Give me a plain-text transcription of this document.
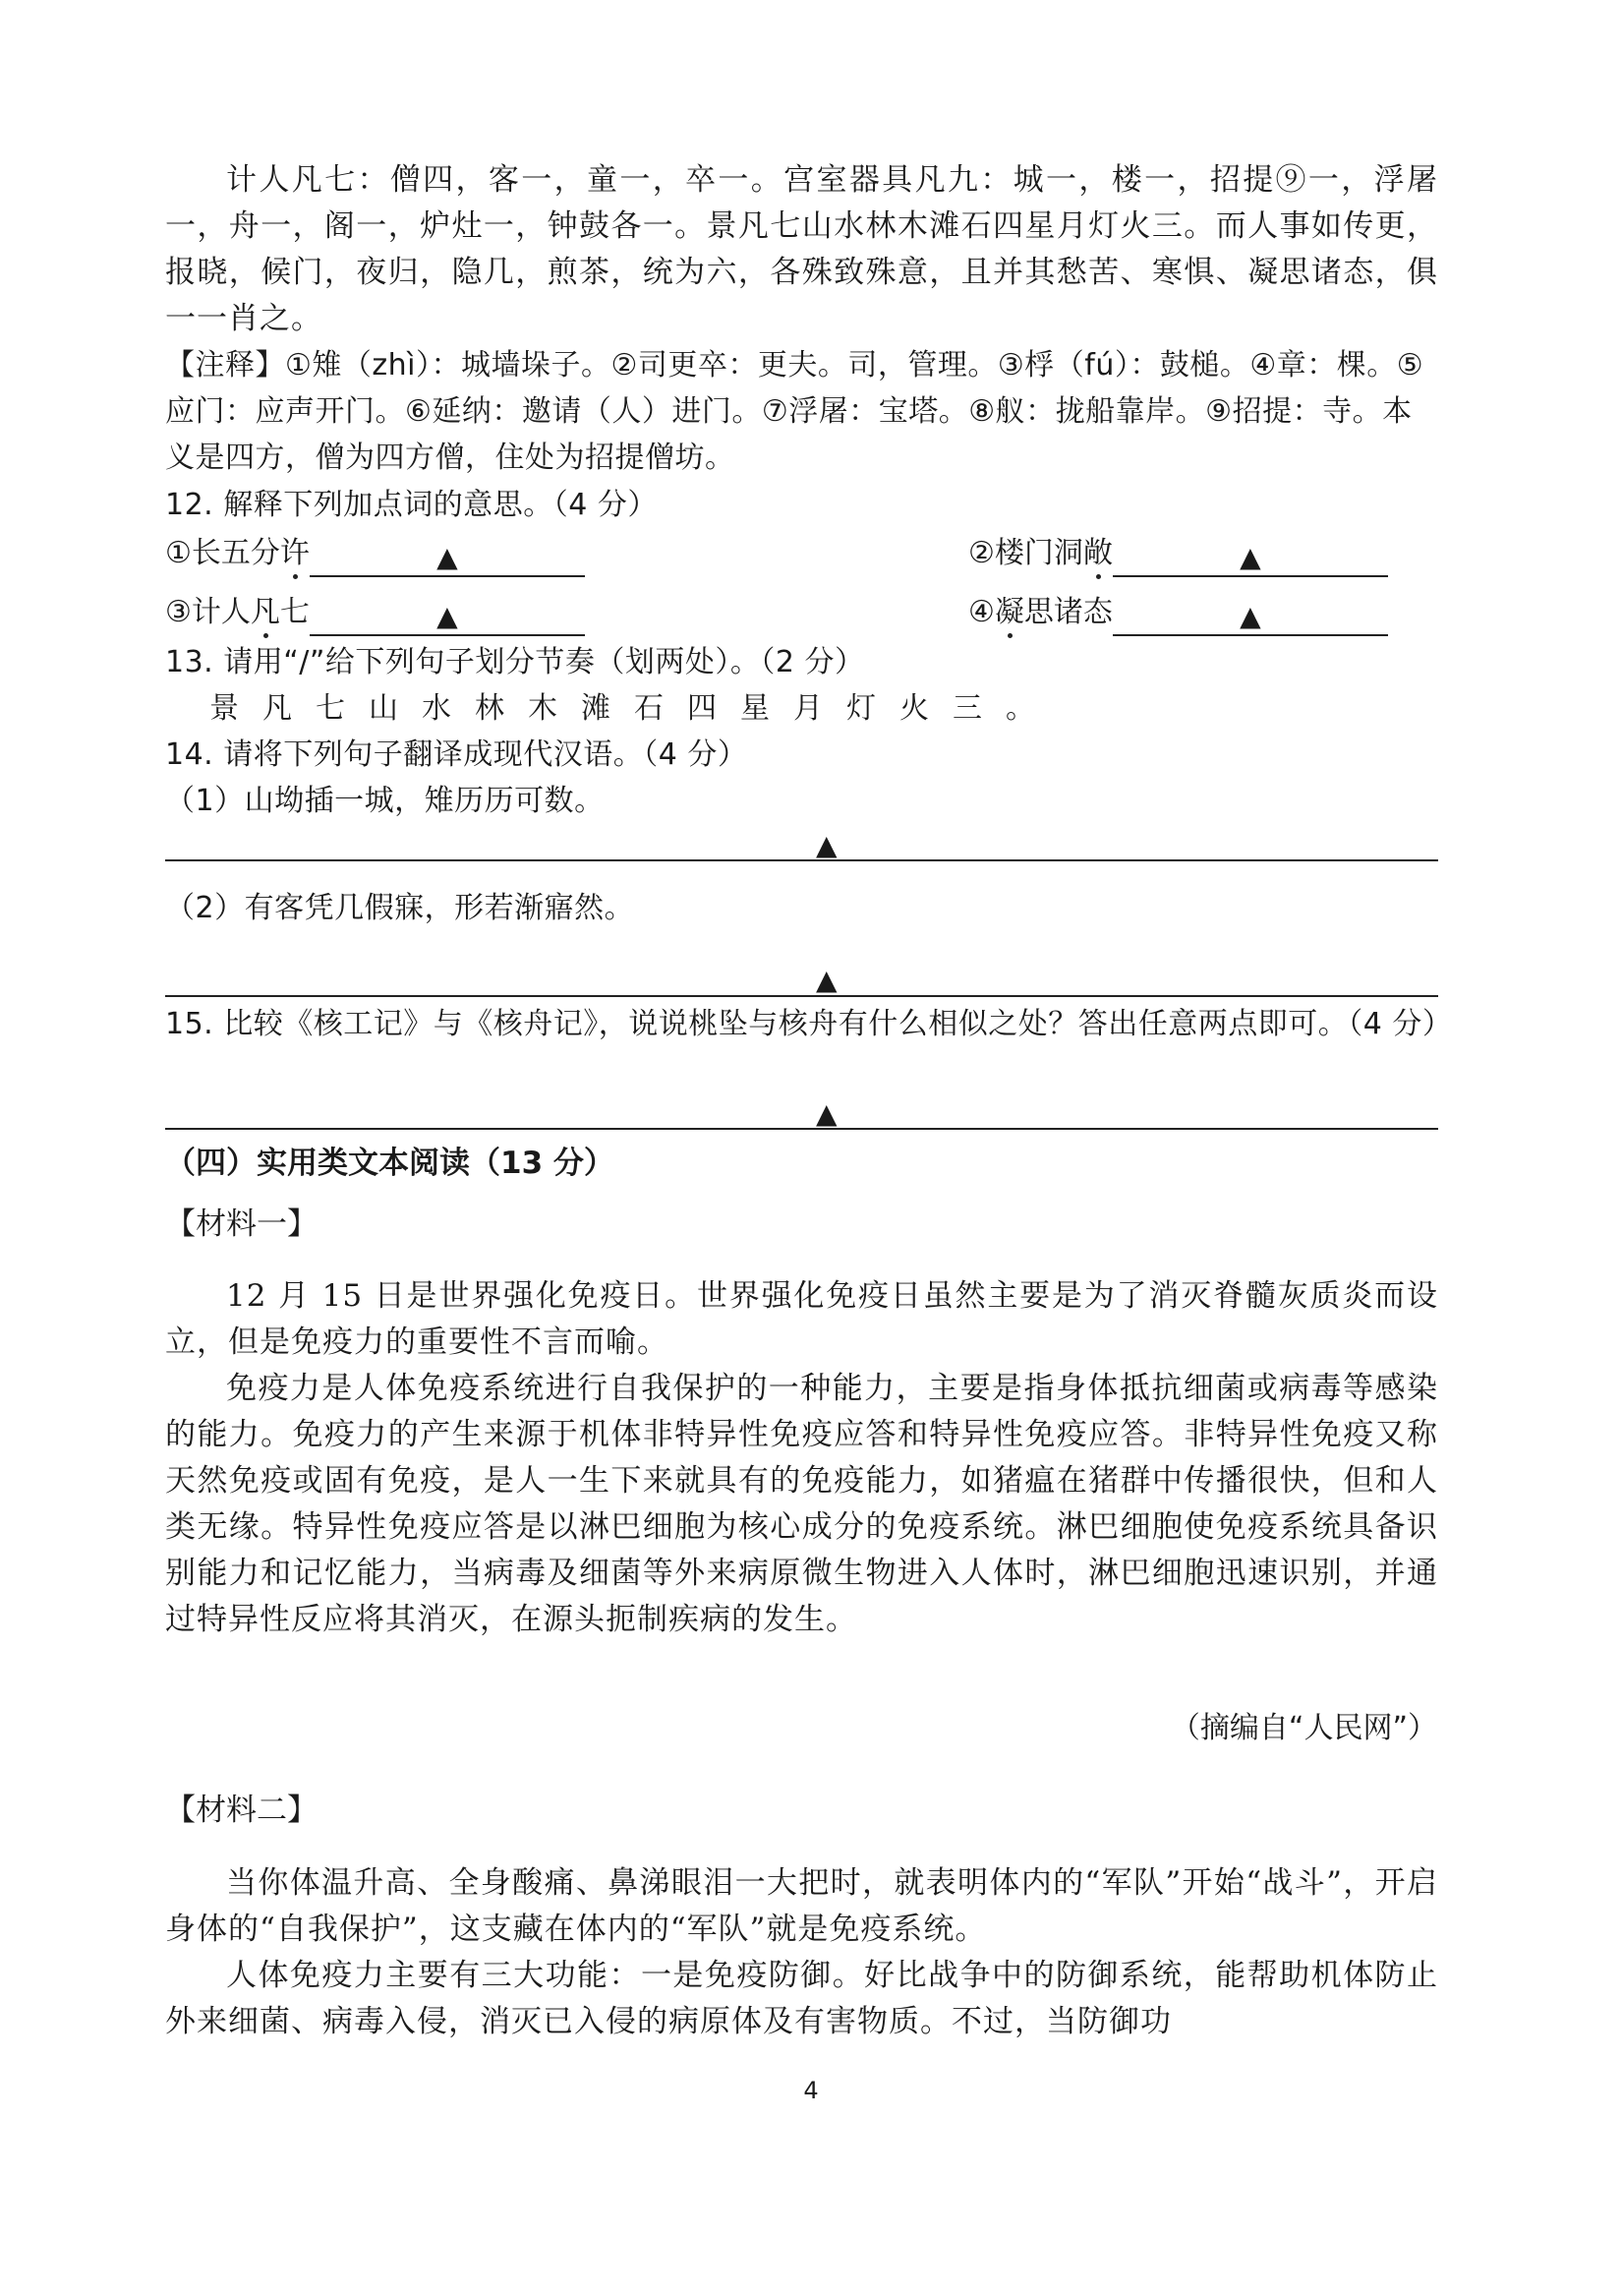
计人凡七：僧四，客一，童一，卒一。宫室器具凡九：城一，楼一，招提⑨一，浮屠一，舟一，阁一，炉灶一，钟鼓各一。景凡七山水林木滩石四星月灯火三。而人事如传更，报晓，候门，夜归，隐几，煎茶，统为六，各殊致殊意，且并其愁苦、寒惧、凝思诸态，俱一一肖之。

【注释】①雉（zhì）：城墙垛子。②司更卒：更夫。司，管理。③桴（fú）：鼓槌。④章：棵。⑤应门：应声开门。⑥延纳：邀请（人）进门。⑦浮屠：宝塔。⑧舣：拢船靠岸。⑨招提：寺。本义是四方，僧为四方僧，住处为招提僧坊。

12. 解释下列加点词的意思。（4 分）

①长五分 许	▲	②楼门洞 敞	▲
③计人 凡 七	▲	④ 凝 思诸态	▲

13. 请用“/”给下列句子划分节奏（划两处）。（2 分）

景凡七山水林木滩石四星月灯火三。

14. 请将下列句子翻译成现代汉语。（4 分）

（1）山坳插一城，雉历历可数。

▲

（2）有客凭几假寐，形若渐寤然。

▲

15. 比较《核工记》与《核舟记》，说说桃坠与核舟有什么相似之处？答出任意两点即可。（4 分）

▲

（四）实用类文本阅读（13 分）

【材料一】

12 月 15 日是世界强化免疫日。世界强化免疫日虽然主要是为了消灭脊髓灰质炎而设立，但是免疫力的重要性不言而喻。

免疫力是人体免疫系统进行自我保护的一种能力，主要是指身体抵抗细菌或病毒等感染的能力。免疫力的产生来源于机体非特异性免疫应答和特异性免疫应答。非特异性免疫又称天然免疫或固有免疫，是人一生下来就具有的免疫能力，如猪瘟在猪群中传播很快，但和人类无缘。特异性免疫应答是以淋巴细胞为核心成分的免疫系统。淋巴细胞使免疫系统具备识别能力和记忆能力，当病毒及细菌等外来病原微生物进入人体时，淋巴细胞迅速识别，并通过特异性反应将其消灭，在源头扼制疾病的发生。

（摘编自“人民网”）

【材料二】

当你体温升高、全身酸痛、鼻涕眼泪一大把时，就表明体内的“军队”开始“战斗”，开启身体的“自我保护”，这支藏在体内的“军队”就是免疫系统。

人体免疫力主要有三大功能：一是免疫防御。好比战争中的防御系统，能帮助机体防止外来细菌、病毒入侵，消灭已入侵的病原体及有害物质。不过，当防御功

4
